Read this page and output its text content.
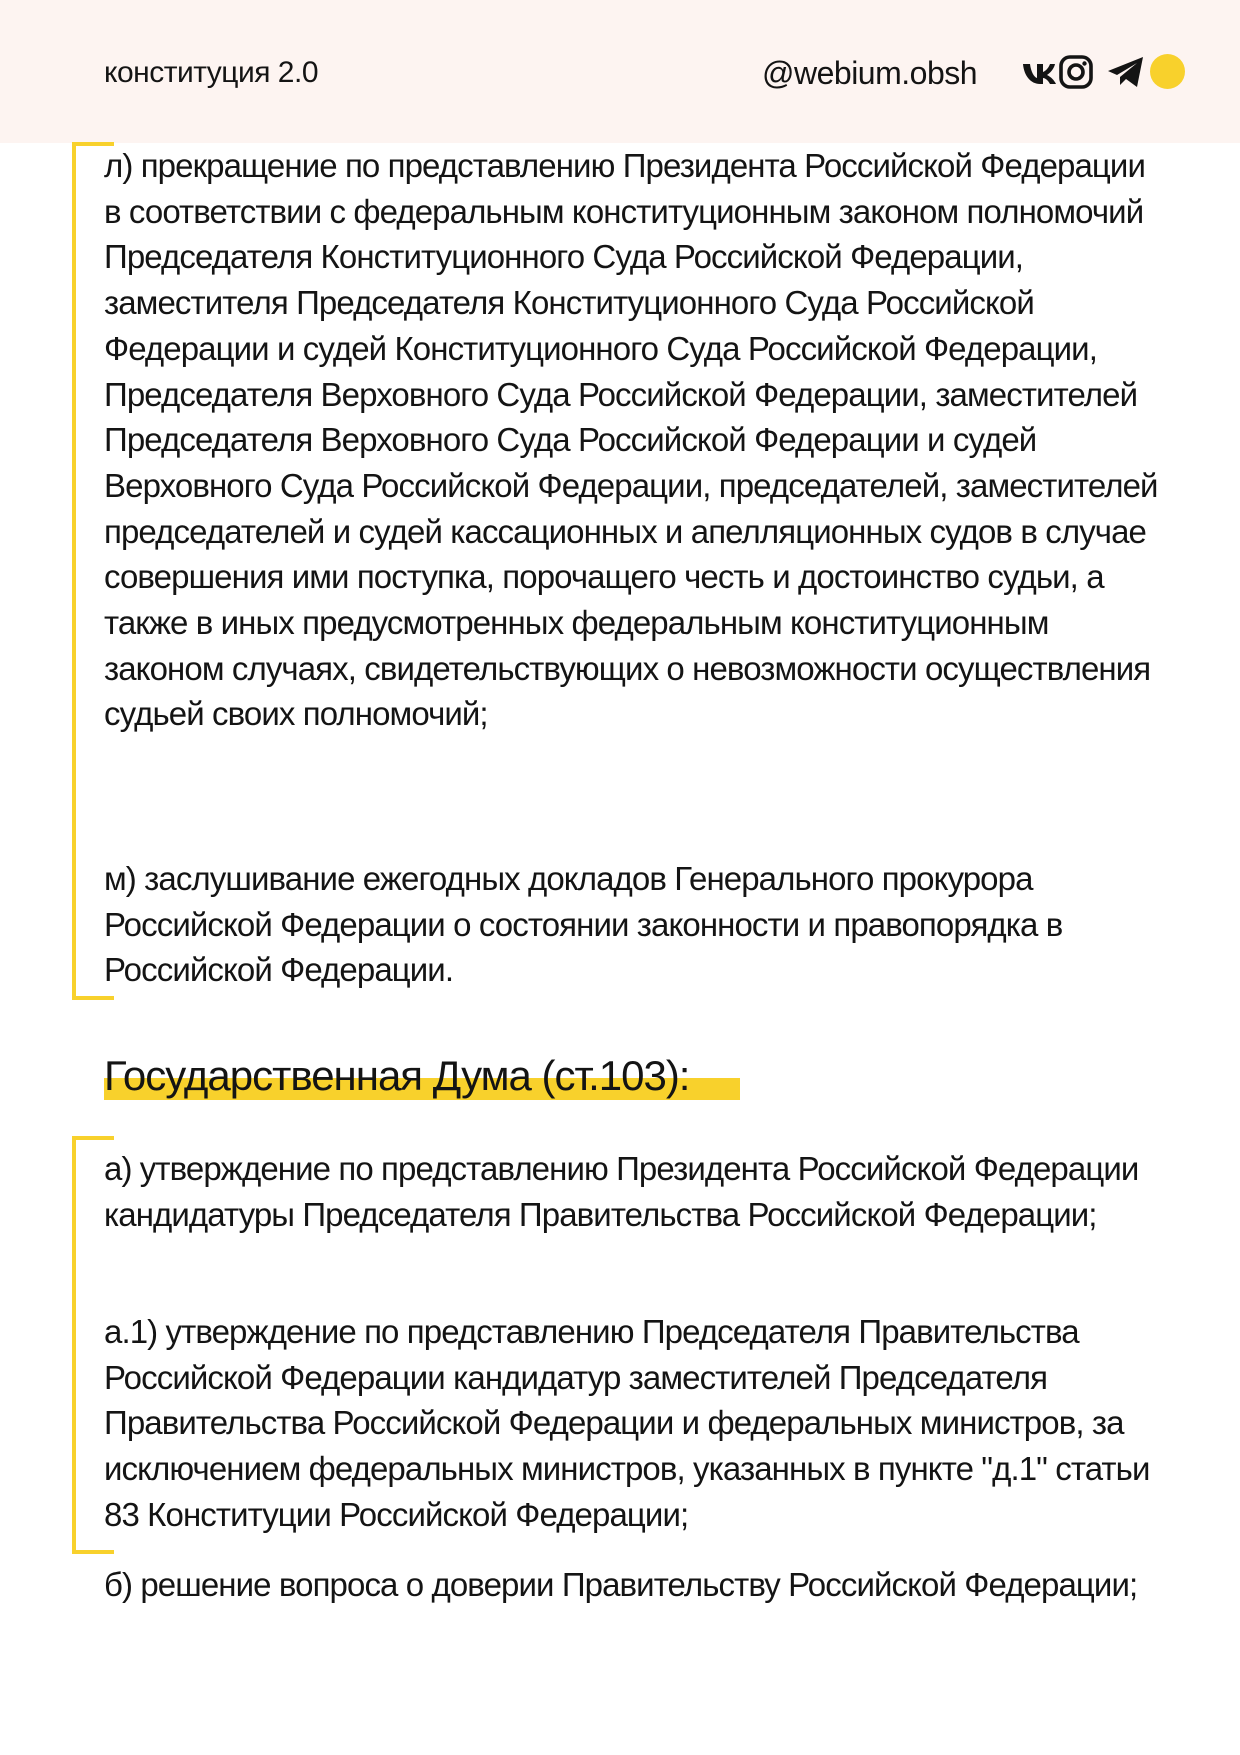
конституция 2.0	@webium.obsh

л) прекращение по представлению Президента Российской Федерации в соответствии с федеральным конституционным законом полномочий Председателя Конституционного Суда Российской Федерации, заместителя Председателя Конституционного Суда Российской Федерации и судей Конституционного Суда Российской Федерации, Председателя Верховного Суда Российской Федерации, заместителей Председателя Верховного Суда Российской Федерации и судей Верховного Суда Российской Федерации, председателей, заместителей председателей и судей кассационных и апелляционных судов в случае совершения ими поступка, порочащего честь и достоинство судьи, а также в иных предусмотренных федеральным конституционным законом случаях, свидетельствующих о невозможности осуществления судьей своих полномочий;

м) заслушивание ежегодных докладов Генерального прокурора Российской Федерации о состоянии законности и правопорядка в Российской Федерации.

Государственная Дума (ст.103):

а) утверждение по представлению Президента Российской Федерации кандидатуры Председателя Правительства Российской Федерации;

а.1) утверждение по представлению Председателя Правительства Российской Федерации кандидатур заместителей Председателя Правительства Российской Федерации и федеральных министров, за исключением федеральных министров, указанных в пункте "д.1" статьи 83 Конституции Российской Федерации;

б) решение вопроса о доверии Правительству Российской Федерации;
